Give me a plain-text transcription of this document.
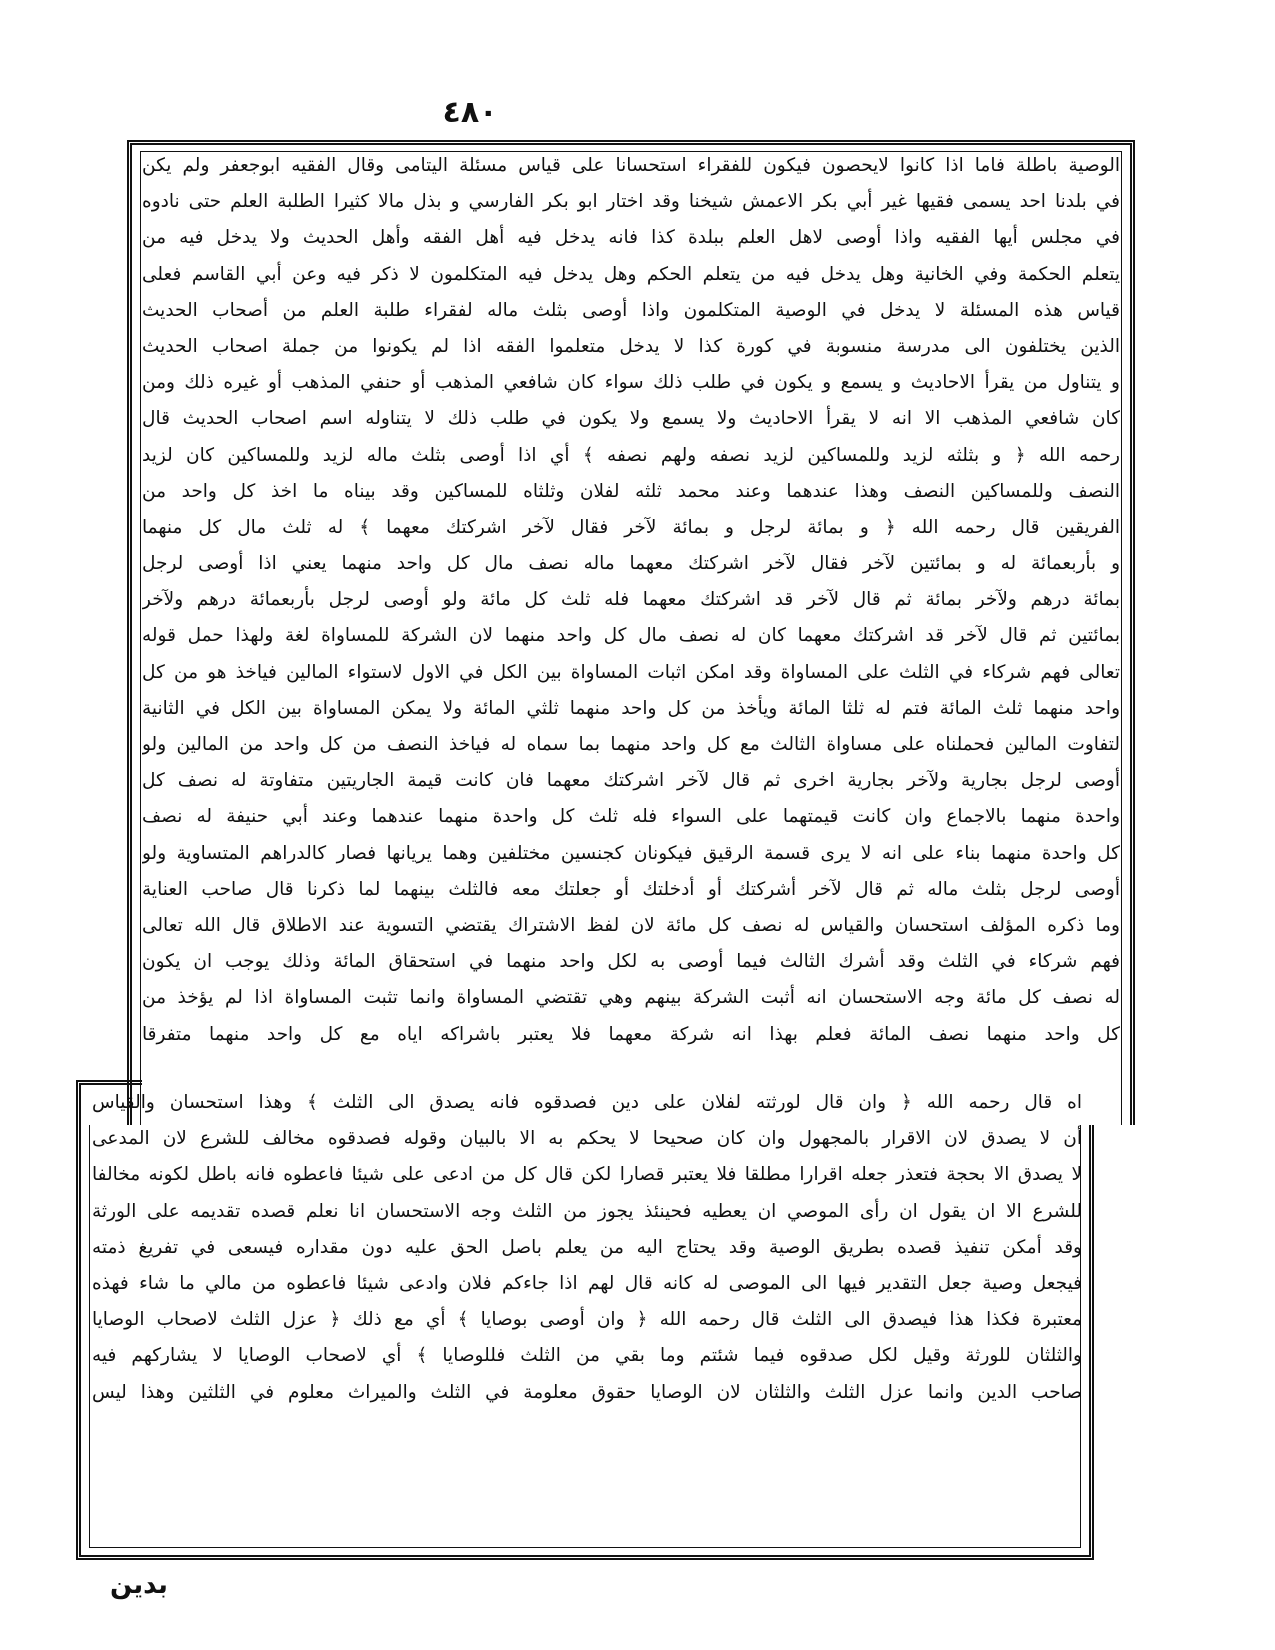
٤٨٠
الوصية باطلة فاما اذا كانوا لايحصون فيكون للفقراء استحسانا على قياس مسئلة اليتامى وقال الفقيه ابوجعفر ولم يكن
في بلدنا احد يسمى فقيها غير أبي بكر الاعمش شيخنا وقد اختار ابو بكر الفارسي و بذل مالا كثيرا الطلبة العلم حتى نادوه
في مجلس أيها الفقيه واذا أوصى لاهل العلم ببلدة كذا فانه يدخل فيه أهل الفقه وأهل الحديث ولا يدخل فيه من
يتعلم الحكمة وفي الخانية وهل يدخل فيه من يتعلم الحكم وهل يدخل فيه المتكلمون لا ذكر فيه وعن أبي القاسم فعلى
قياس هذه المسئلة لا يدخل في الوصية المتكلمون واذا أوصى بثلث ماله لفقراء طلبة العلم من أصحاب الحديث
الذين يختلفون الى مدرسة منسوبة في كورة كذا لا يدخل متعلموا الفقه اذا لم يكونوا من جملة اصحاب الحديث
و يتناول من يقرأ الاحاديث و يسمع و يكون في طلب ذلك سواء كان شافعي المذهب أو حنفي المذهب أو غيره ذلك ومن
كان شافعي المذهب الا انه لا يقرأ الاحاديث ولا يسمع ولا يكون في طلب ذلك لا يتناوله اسم اصحاب الحديث قال
رحمه الله ﴿ و بثلثه لزيد وللمساكين لزيد نصفه ولهم نصفه ﴾ أي اذا أوصى بثلث ماله لزيد وللمساكين كان لزيد
النصف وللمساكين النصف وهذا عندهما وعند محمد ثلثه لفلان وثلثاه للمساكين وقد بيناه ما اخذ كل واحد من
الفريقين قال رحمه الله ﴿ و بمائة لرجل و بمائة لآخر فقال لآخر اشركتك معهما ﴾ له ثلث مال كل منهما
و بأربعمائة له و بمائتين لآخر فقال لآخر اشركتك معهما ماله نصف مال كل واحد منهما يعني اذا أوصى لرجل
بمائة درهم ولآخر بمائة ثم قال لآخر قد اشركتك معهما فله ثلث كل مائة ولو أوصى لرجل بأربعمائة درهم ولآخر
بمائتين ثم قال لآخر قد اشركتك معهما كان له نصف مال كل واحد منهما لان الشركة للمساواة لغة ولهذا حمل قوله
تعالى فهم شركاء في الثلث على المساواة وقد امكن اثبات المساواة بين الكل في الاول لاستواء المالين فياخذ هو من كل
واحد منهما ثلث المائة فتم له ثلثا المائة ويأخذ من كل واحد منهما ثلثي المائة ولا يمكن المساواة بين الكل في الثانية
لتفاوت المالين فحملناه على مساواة الثالث مع كل واحد منهما بما سماه له فياخذ النصف من كل واحد من المالين ولو
أوصى لرجل بجارية ولآخر بجارية اخرى ثم قال لآخر اشركتك معهما فان كانت قيمة الجاريتين متفاوتة له نصف كل
واحدة منهما بالاجماع وان كانت قيمتهما على السواء فله ثلث كل واحدة منهما عندهما وعند أبي حنيفة له نصف
كل واحدة منهما بناء على انه لا يرى قسمة الرقيق فيكونان كجنسين مختلفين وهما يريانها فصار كالدراهم المتساوية ولو
أوصى لرجل بثلث ماله ثم قال لآخر أشركتك أو أدخلتك أو جعلتك معه فالثلث بينهما لما ذكرنا قال صاحب العناية
وما ذكره المؤلف استحسان والقياس له نصف كل مائة لان لفظ الاشتراك يقتضي التسوية عند الاطلاق قال الله تعالى
فهم شركاء في الثلث وقد أشرك الثالث فيما أوصى به لكل واحد منهما في استحقاق المائة وذلك يوجب ان يكون
له نصف كل مائة وجه الاستحسان انه أثبت الشركة بينهم وهي تقتضي المساواة وانما تثبت المساواة اذا لم يؤخذ من
كل واحد منهما نصف المائة فعلم بهذا انه شركة معهما فلا يعتبر باشراكه اياه مع كل واحد منهما متفرقا
اه قال رحمه الله ﴿ وان قال لورثته لفلان على دين فصدقوه فانه يصدق الى الثلث ﴾ وهذا استحسان والقياس
أن لا يصدق لان الاقرار بالمجهول وان كان صحيحا لا يحكم به الا بالبيان وقوله فصدقوه مخالف للشرع لان المدعى
لا يصدق الا بحجة فتعذر جعله اقرارا مطلقا فلا يعتبر قصارا لكن قال كل من ادعى على شيئا فاعطوه فانه باطل لكونه مخالفا
للشرع الا ان يقول ان رأى الموصي ان يعطيه فحينئذ يجوز من الثلث وجه الاستحسان انا نعلم قصده تقديمه على الورثة
وقد أمكن تنفيذ قصده بطريق الوصية وقد يحتاج اليه من يعلم باصل الحق عليه دون مقداره فيسعى في تفريغ ذمته
فيجعل وصية جعل التقدير فيها الى الموصى له كانه قال لهم اذا جاءكم فلان وادعى شيئا فاعطوه من مالي ما شاء فهذه
معتبرة فكذا هذا فيصدق الى الثلث قال رحمه الله ﴿ وان أوصى بوصايا ﴾ أي مع ذلك ﴿ عزل الثلث لاصحاب الوصايا
والثلثان للورثة وقيل لكل صدقوه فيما شئتم وما بقي من الثلث فللوصايا ﴾ أي لاصحاب الوصايا لا يشاركهم فيه
صاحب الدين وانما عزل الثلث والثلثان لان الوصايا حقوق معلومة في الثلث والميراث معلوم في الثلثين وهذا ليس
بدين
